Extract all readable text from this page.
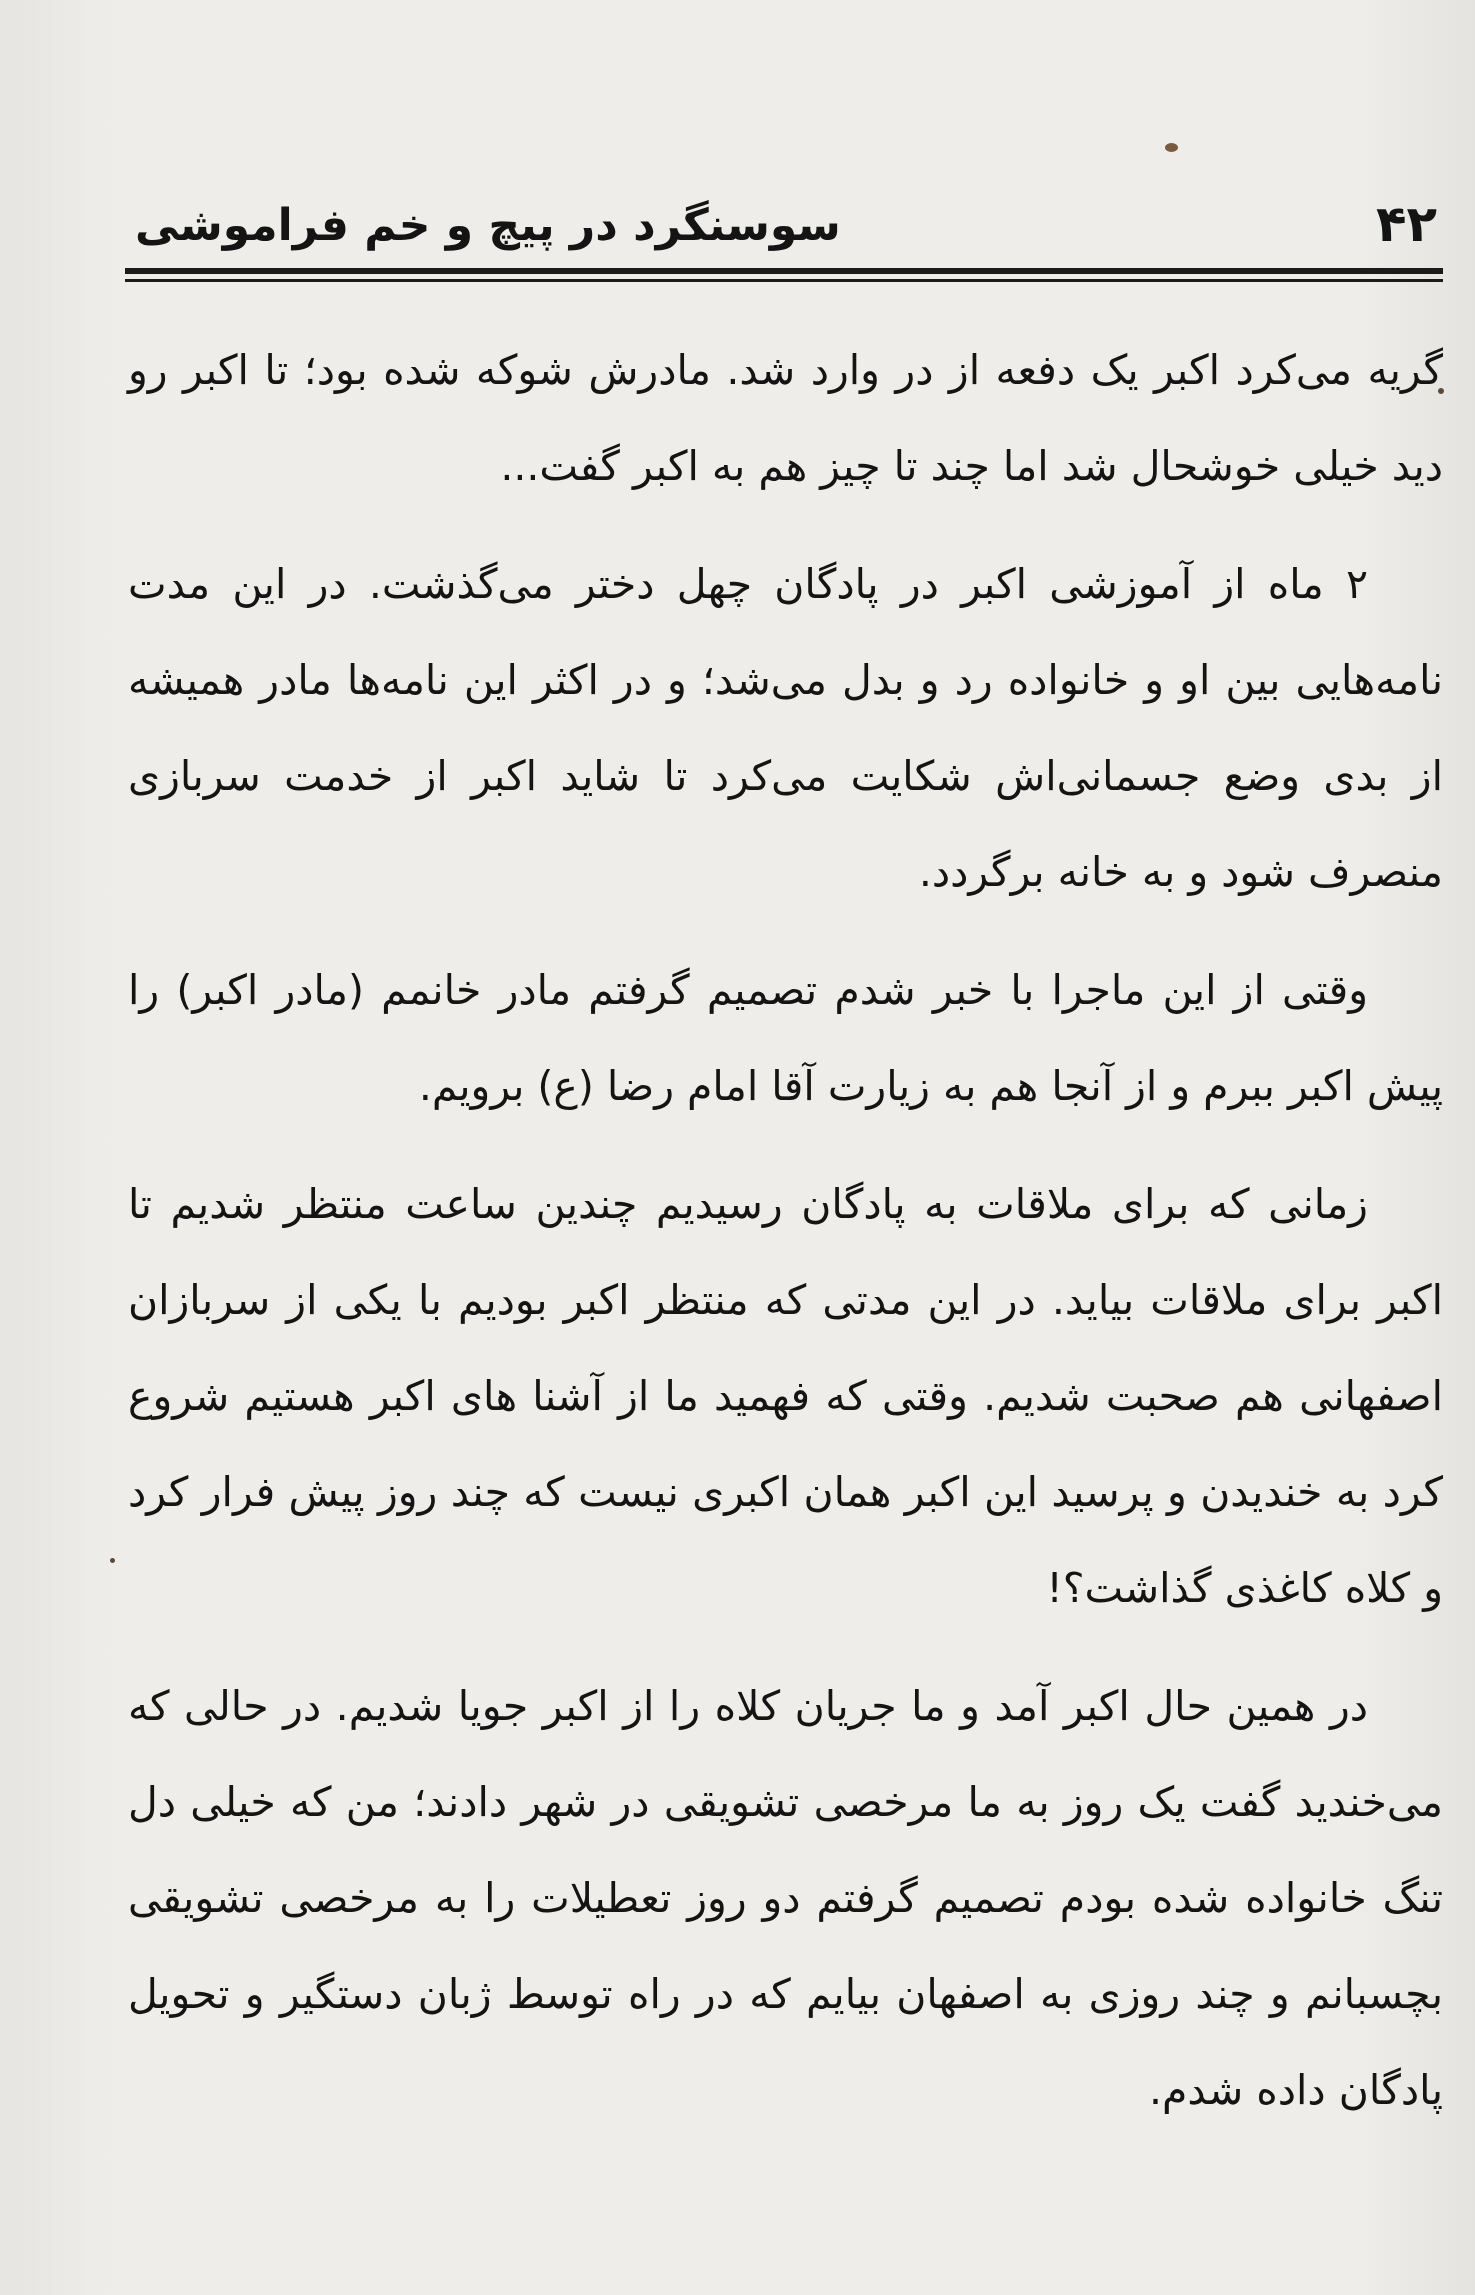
۴۲
سوسنگرد در پیچ و خم فراموشی

گریه می‌کرد اکبر یک دفعه از در وارد شد. مادرش شوکه شده بود؛ تا اکبر رو دید خیلی خوشحال شد اما چند تا چیز هم به اکبر گفت...

۲ ماه از آموزشی اکبر در پادگان چهل دختر می‌گذشت. در این مدت نامه‌هایی بین او و خانواده رد و بدل می‌شد؛ و در اکثر این نامه‌ها مادر همیشه از بدی وضع جسمانی‌اش شکایت می‌کرد تا شاید اکبر از خدمت سربازی منصرف شود و به خانه برگردد.

وقتی از این ماجرا با خبر شدم تصمیم گرفتم مادر خانمم (مادر اکبر) را پیش اکبر ببرم و از آنجا هم به زیارت آقا امام رضا (ع) برویم.

زمانی که برای ملاقات به پادگان رسیدیم چندین ساعت منتظر شدیم تا اکبر برای ملاقات بیاید. در این مدتی که منتظر اکبر بودیم با یکی از سربازان اصفهانی هم صحبت شدیم. وقتی که فهمید ما از آشنا های اکبر هستیم شروع کرد به خندیدن و پرسید این اکبر همان اکبری نیست که چند روز پیش فرار کرد و کلاه کاغذی گذاشت؟!

در همین حال اکبر آمد و ما جریان کلاه را از اکبر جویا شدیم. در حالی که می‌خندید گفت یک روز به ما مرخصی تشویقی در شهر دادند؛ من که خیلی دل تنگ خانواده شده بودم تصمیم گرفتم دو روز تعطیلات را به مرخصی تشویقی بچسبانم و چند روزی به اصفهان بیایم که در راه توسط ژبان دستگیر و تحویل پادگان داده شدم.
